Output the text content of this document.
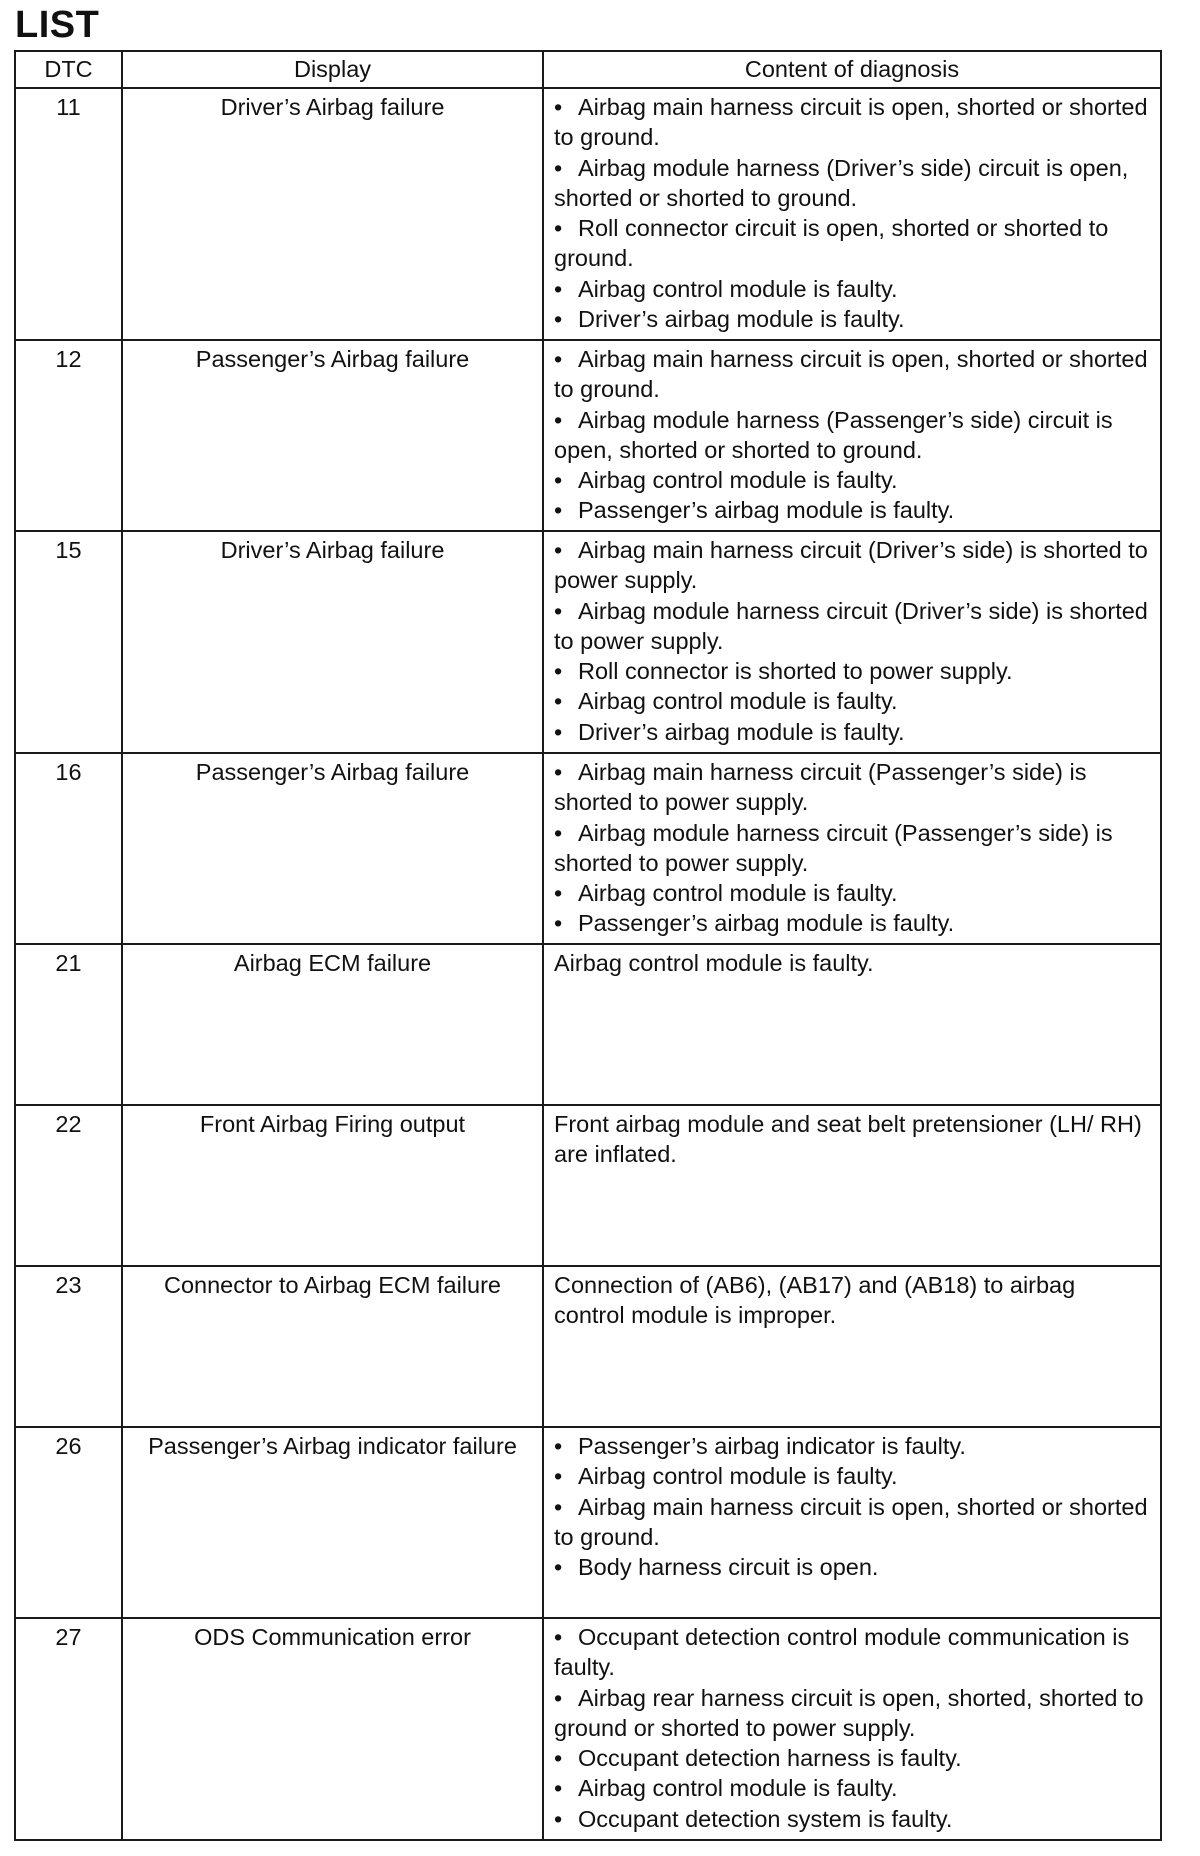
LIST
DTC	Display	Content of diagnosis
11	Driver’s Airbag failure	• Airbag main harness circuit is open, shorted or shorted to ground.
• Airbag module harness (Driver’s side) circuit is open, shorted or shorted to ground.
• Roll connector circuit is open, shorted or shorted to ground.
• Airbag control module is faulty.
• Driver’s airbag module is faulty.

12	Passenger’s Airbag failure	• Airbag main harness circuit is open, shorted or shorted to ground.
• Airbag module harness (Passenger’s side) circuit is open, shorted or shorted to ground.
• Airbag control module is faulty.
• Passenger’s airbag module is faulty.

15	Driver’s Airbag failure	• Airbag main harness circuit (Driver’s side) is shorted to power supply.
• Airbag module harness circuit (Driver’s side) is shorted to power supply.
• Roll connector is shorted to power supply.
• Airbag control module is faulty.
• Driver’s airbag module is faulty.

16	Passenger’s Airbag failure	• Airbag main harness circuit (Passenger’s side) is shorted to power supply.
• Airbag module harness circuit (Passenger’s side) is shorted to power supply.
• Airbag control module is faulty.
• Passenger’s airbag module is faulty.

21	Airbag ECM failure	Airbag control module is faulty.
22	Front Airbag Firing output	Front airbag module and seat belt pretensioner (LH/ RH) are inflated.
23	Connector to Airbag ECM failure	Connection of (AB6), (AB17) and (AB18) to airbag control module is improper.
26	Passenger’s Airbag indicator failure	• Passenger’s airbag indicator is faulty.
• Airbag control module is faulty.
• Airbag main harness circuit is open, shorted or shorted to ground.
• Body harness circuit is open.

27	ODS Communication error	• Occupant detection control module communication is faulty.
• Airbag rear harness circuit is open, shorted, shorted to ground or shorted to power supply.
• Occupant detection harness is faulty.
• Airbag control module is faulty.
• Occupant detection system is faulty.
